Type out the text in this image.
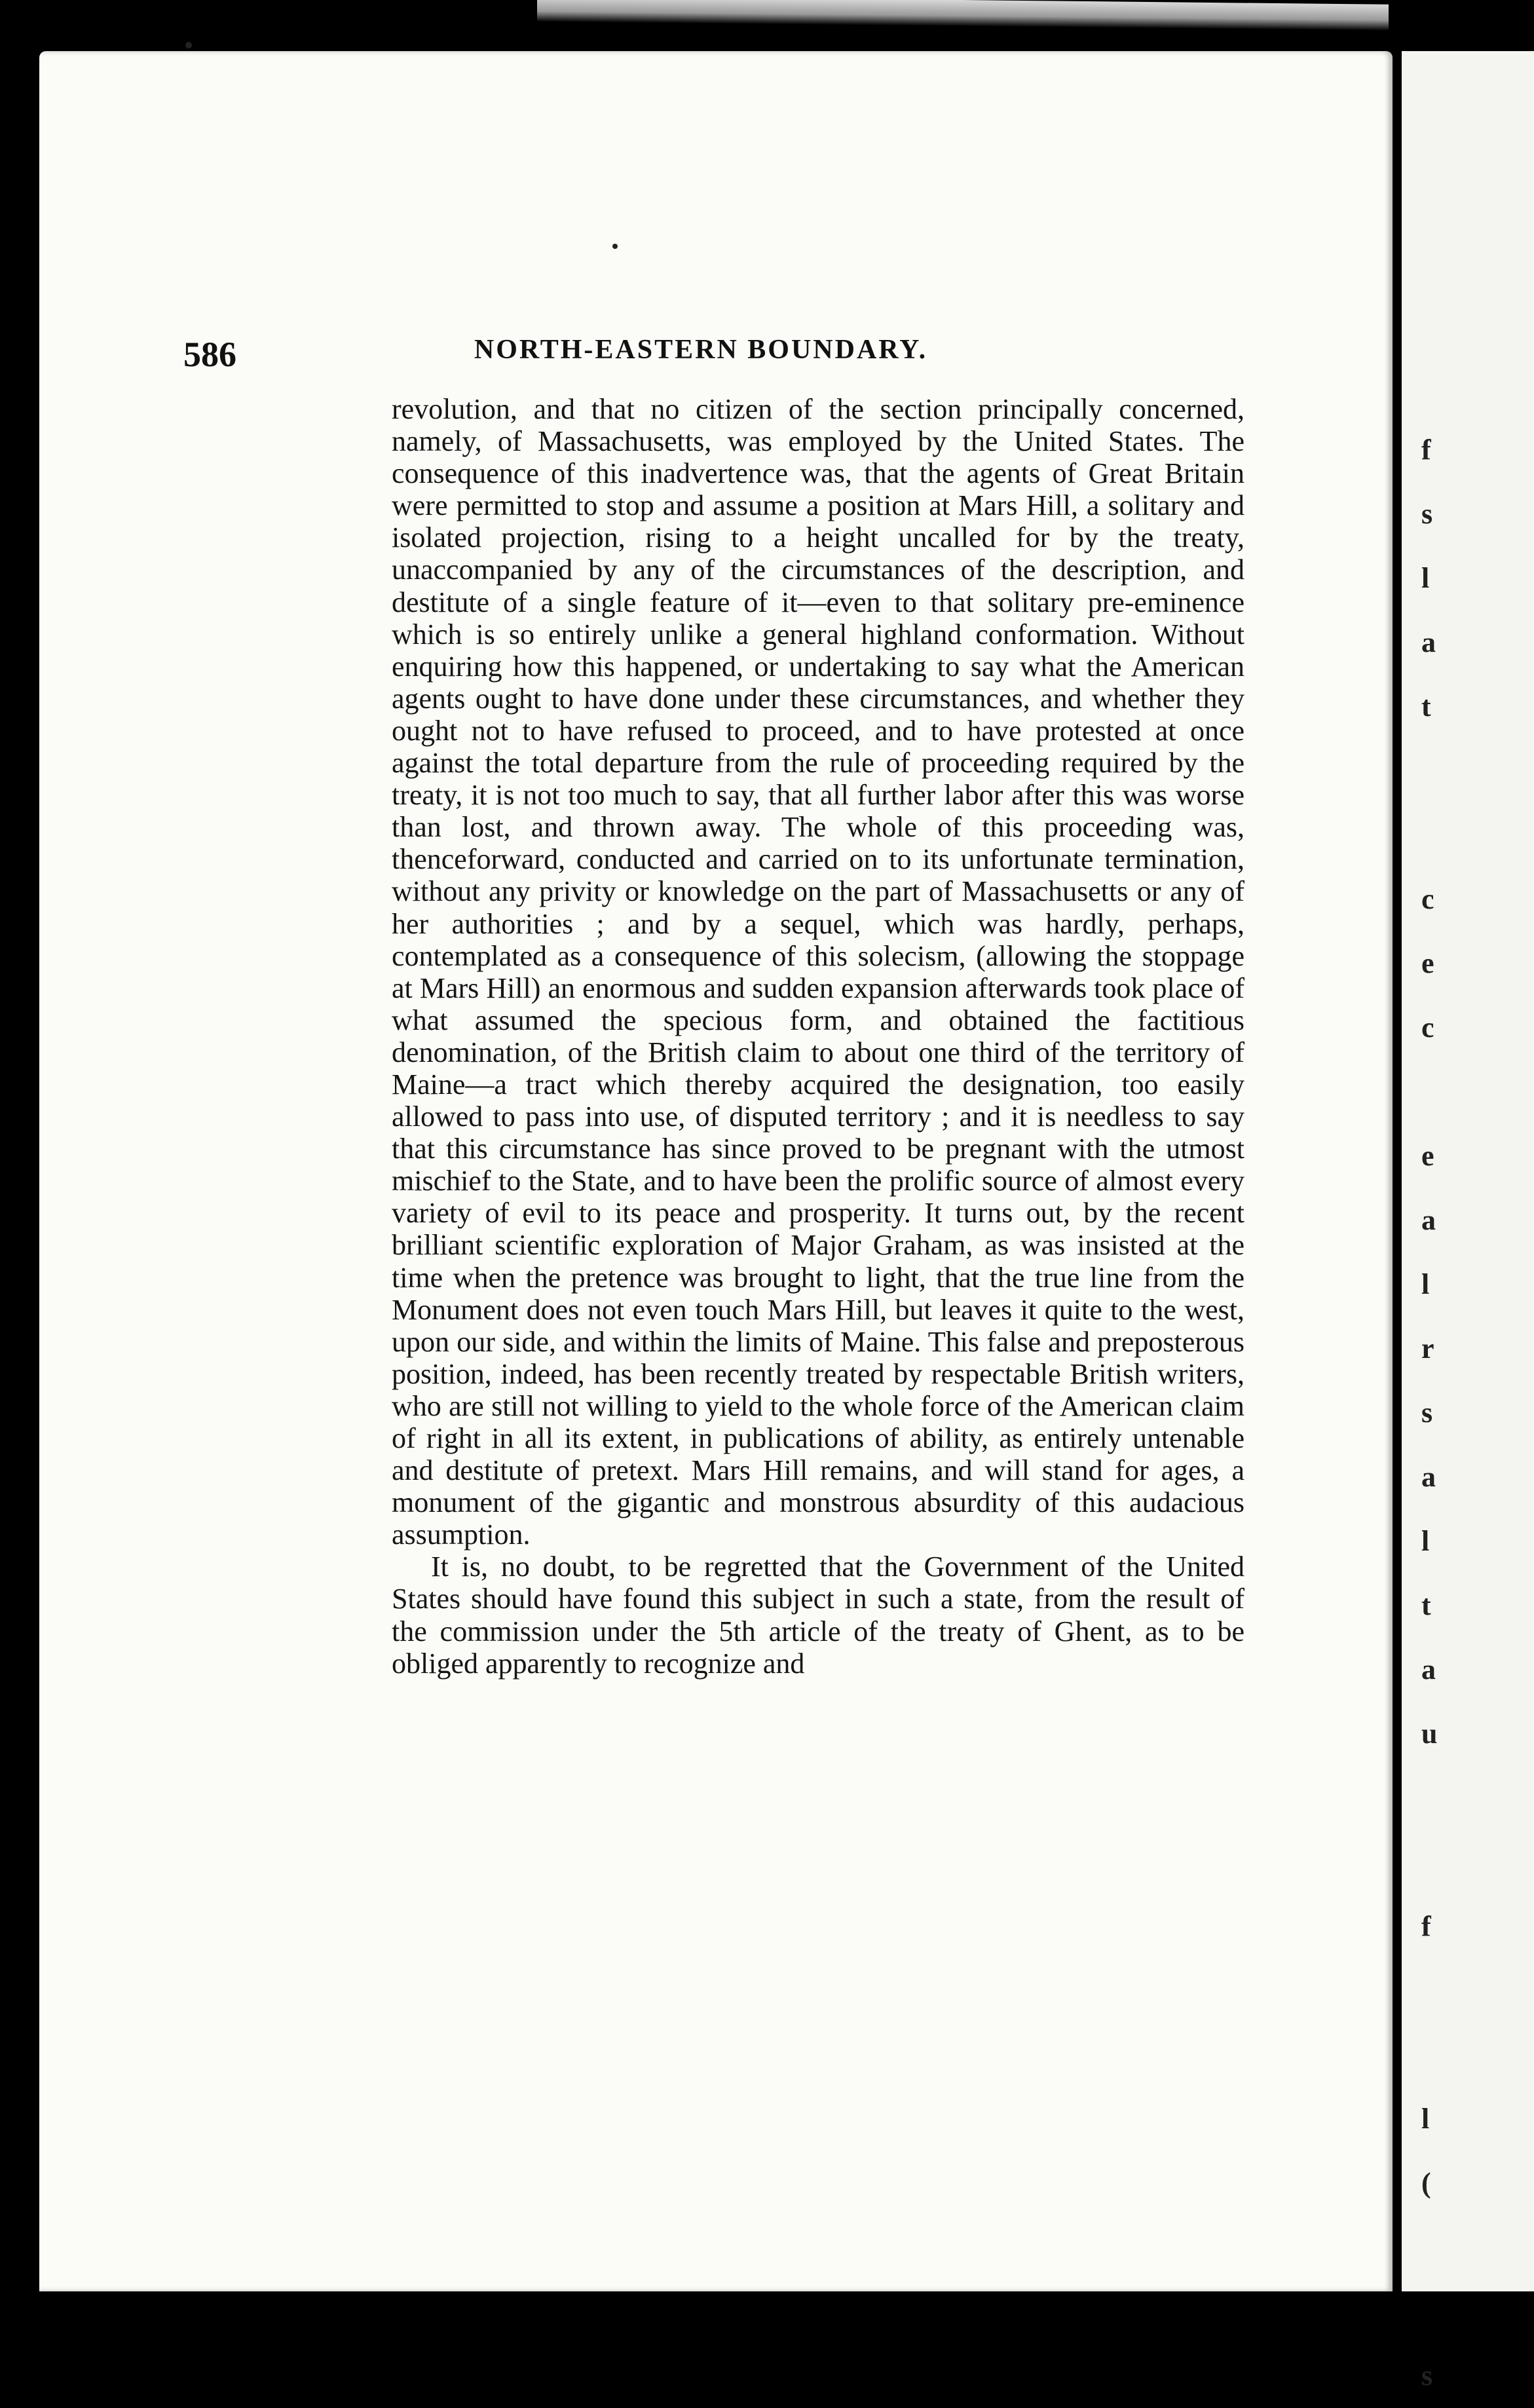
f
s
l
a
t

c
e
c

e
a
l
r
s
a
l
t
a
u

f

l
(

s
586	NORTH-EASTERN BOUNDARY.

revolution, and that no citizen of the section principally concerned, namely, of Massachusetts, was employed by the United States. The consequence of this inadvertence was, that the agents of Great Britain were permitted to stop and assume a position at Mars Hill, a solitary and isolated projection, rising to a height uncalled for by the treaty, unaccompanied by any of the circumstances of the description, and destitute of a single feature of it—even to that solitary pre-eminence which is so entirely unlike a general highland conformation. Without enquiring how this happened, or undertaking to say what the American agents ought to have done under these circumstances, and whether they ought not to have refused to proceed, and to have protested at once against the total departure from the rule of proceeding required by the treaty, it is not too much to say, that all further labor after this was worse than lost, and thrown away. The whole of this proceeding was, thenceforward, conducted and carried on to its unfortunate termination, without any privity or knowledge on the part of Massachusetts or any of her authorities ; and by a sequel, which was hardly, perhaps, contemplated as a consequence of this solecism, (allowing the stoppage at Mars Hill) an enormous and sudden expansion afterwards took place of what assumed the specious form, and obtained the factitious denomination, of the British claim to about one third of the territory of Maine—a tract which thereby acquired the designation, too easily allowed to pass into use, of disputed territory ; and it is needless to say that this circumstance has since proved to be pregnant with the utmost mischief to the State, and to have been the prolific source of almost every variety of evil to its peace and prosperity. It turns out, by the recent brilliant scientific exploration of Major Graham, as was insisted at the time when the pretence was brought to light, that the true line from the Monument does not even touch Mars Hill, but leaves it quite to the west, upon our side, and within the limits of Maine. This false and preposterous position, indeed, has been recently treated by respectable British writers, who are still not willing to yield to the whole force of the American claim of right in all its extent, in publications of ability, as entirely untenable and destitute of pretext. Mars Hill remains, and will stand for ages, a monument of the gigantic and monstrous absurdity of this audacious assumption.

It is, no doubt, to be regretted that the Government of the United States should have found this subject in such a state, from the result of the commission under the 5th article of the treaty of Ghent, as to be obliged apparently to recognize and
